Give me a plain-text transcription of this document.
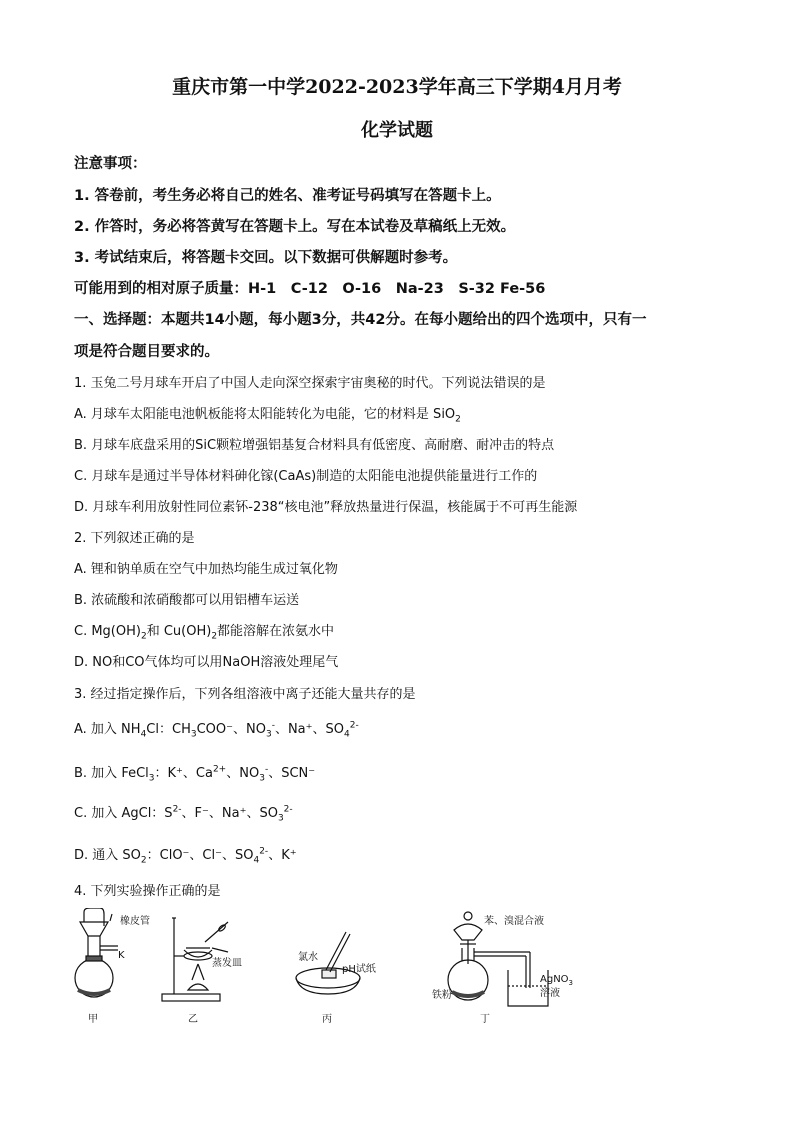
重庆市第一中学2022-2023学年高三下学期4月月考
化学试题
注意事项：
1. 答卷前，考生务必将自己的姓名、准考证号码填写在答题卡上。
2. 作答时，务必将答黄写在答题卡上。写在本试卷及草稿纸上无效。
3. 考试结束后，将答题卡交回。以下数据可供解题时参考。
可能用到的相对原子质量：H-1　C-12　O-16　Na-23　S-32 Fe-56
一、选择题：本题共14小题，每小题3分，共42分。在每小题给出的四个选项中，只有一
项是符合题目要求的。
1. 玉兔二号月球车开启了中国人走向深空探索宇宙奥秘的时代。下列说法错误的是
A. 月球车太阳能电池帆板能将太阳能转化为电能，它的材料是 SiO$_2$
B. 月球车底盘采用的SiC颗粒增强铝基复合材料具有低密度、高耐磨、耐冲击的特点
C. 月球车是通过半导体材料砷化镓(CaAs)制造的太阳能电池提供能量进行工作的
D. 月球车利用放射性同位素钚-238“核电池”释放热量进行保温，核能属于不可再生能源
2. 下列叙述正确的是
A. 锂和钠单质在空气中加热均能生成过氧化物
B. 浓硫酸和浓硝酸都可以用铝槽车运送
C. $Mg(OH)_2$和 $Cu(OH)_2$都能溶解在浓氨水中
D. NO和CO气体均可以用NaOH溶液处理尾气
3. 经过指定操作后，下列各组溶液中离子还能大量共存的是
A. 加入 $NH_4Cl$：$CH_3COO^-$、$NO_3^-$、Na⁺、$SO_4^{2-}$
B. 加入 FeCl$_3$：K⁺、$Ca^{2+}$、$NO_3^-$、SCN⁻
C. 加入 AgCl：$S^{2-}$、F⁻、Na⁺、$SO_3^{2-}$
D. 通入 $SO_2$：ClO⁻、Cl⁻、$SO_4^{2-}$、K⁺
4. 下列实验操作正确的是
橡皮管
K
甲
蒸发皿
乙
氯水
pH试纸
丙
苯、溴混合液
铁粉
AgNO$_3$
溶液
丁
